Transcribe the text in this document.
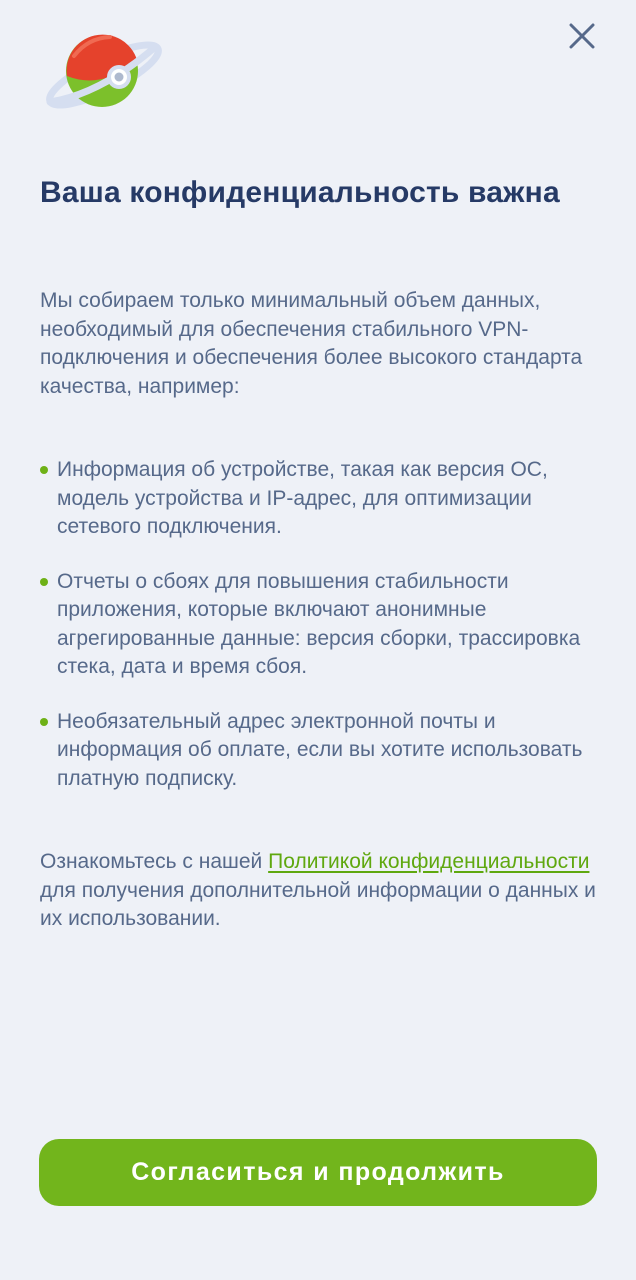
Ваша конфиденциальность важна

Мы собираем только минимальный объем данных, необходимый для обеспечения стабильного VPN-подключения и обеспечения более высокого стандарта качества, например:

Информация об устройстве, такая как версия ОС, модель устройства и IP-адрес, для оптимизации сетевого подключения.
Отчеты о сбоях для повышения стабильности приложения, которые включают анонимные агрегированные данные: версия сборки, трассировка стека, дата и время сбоя.
Необязательный адрес электронной почты и информация об оплате, если вы хотите использовать платную подписку.

Ознакомьтесь с нашей Политикой конфиденциальности для получения дополнительной информации о данных и их использовании.

Согласиться и продолжить
